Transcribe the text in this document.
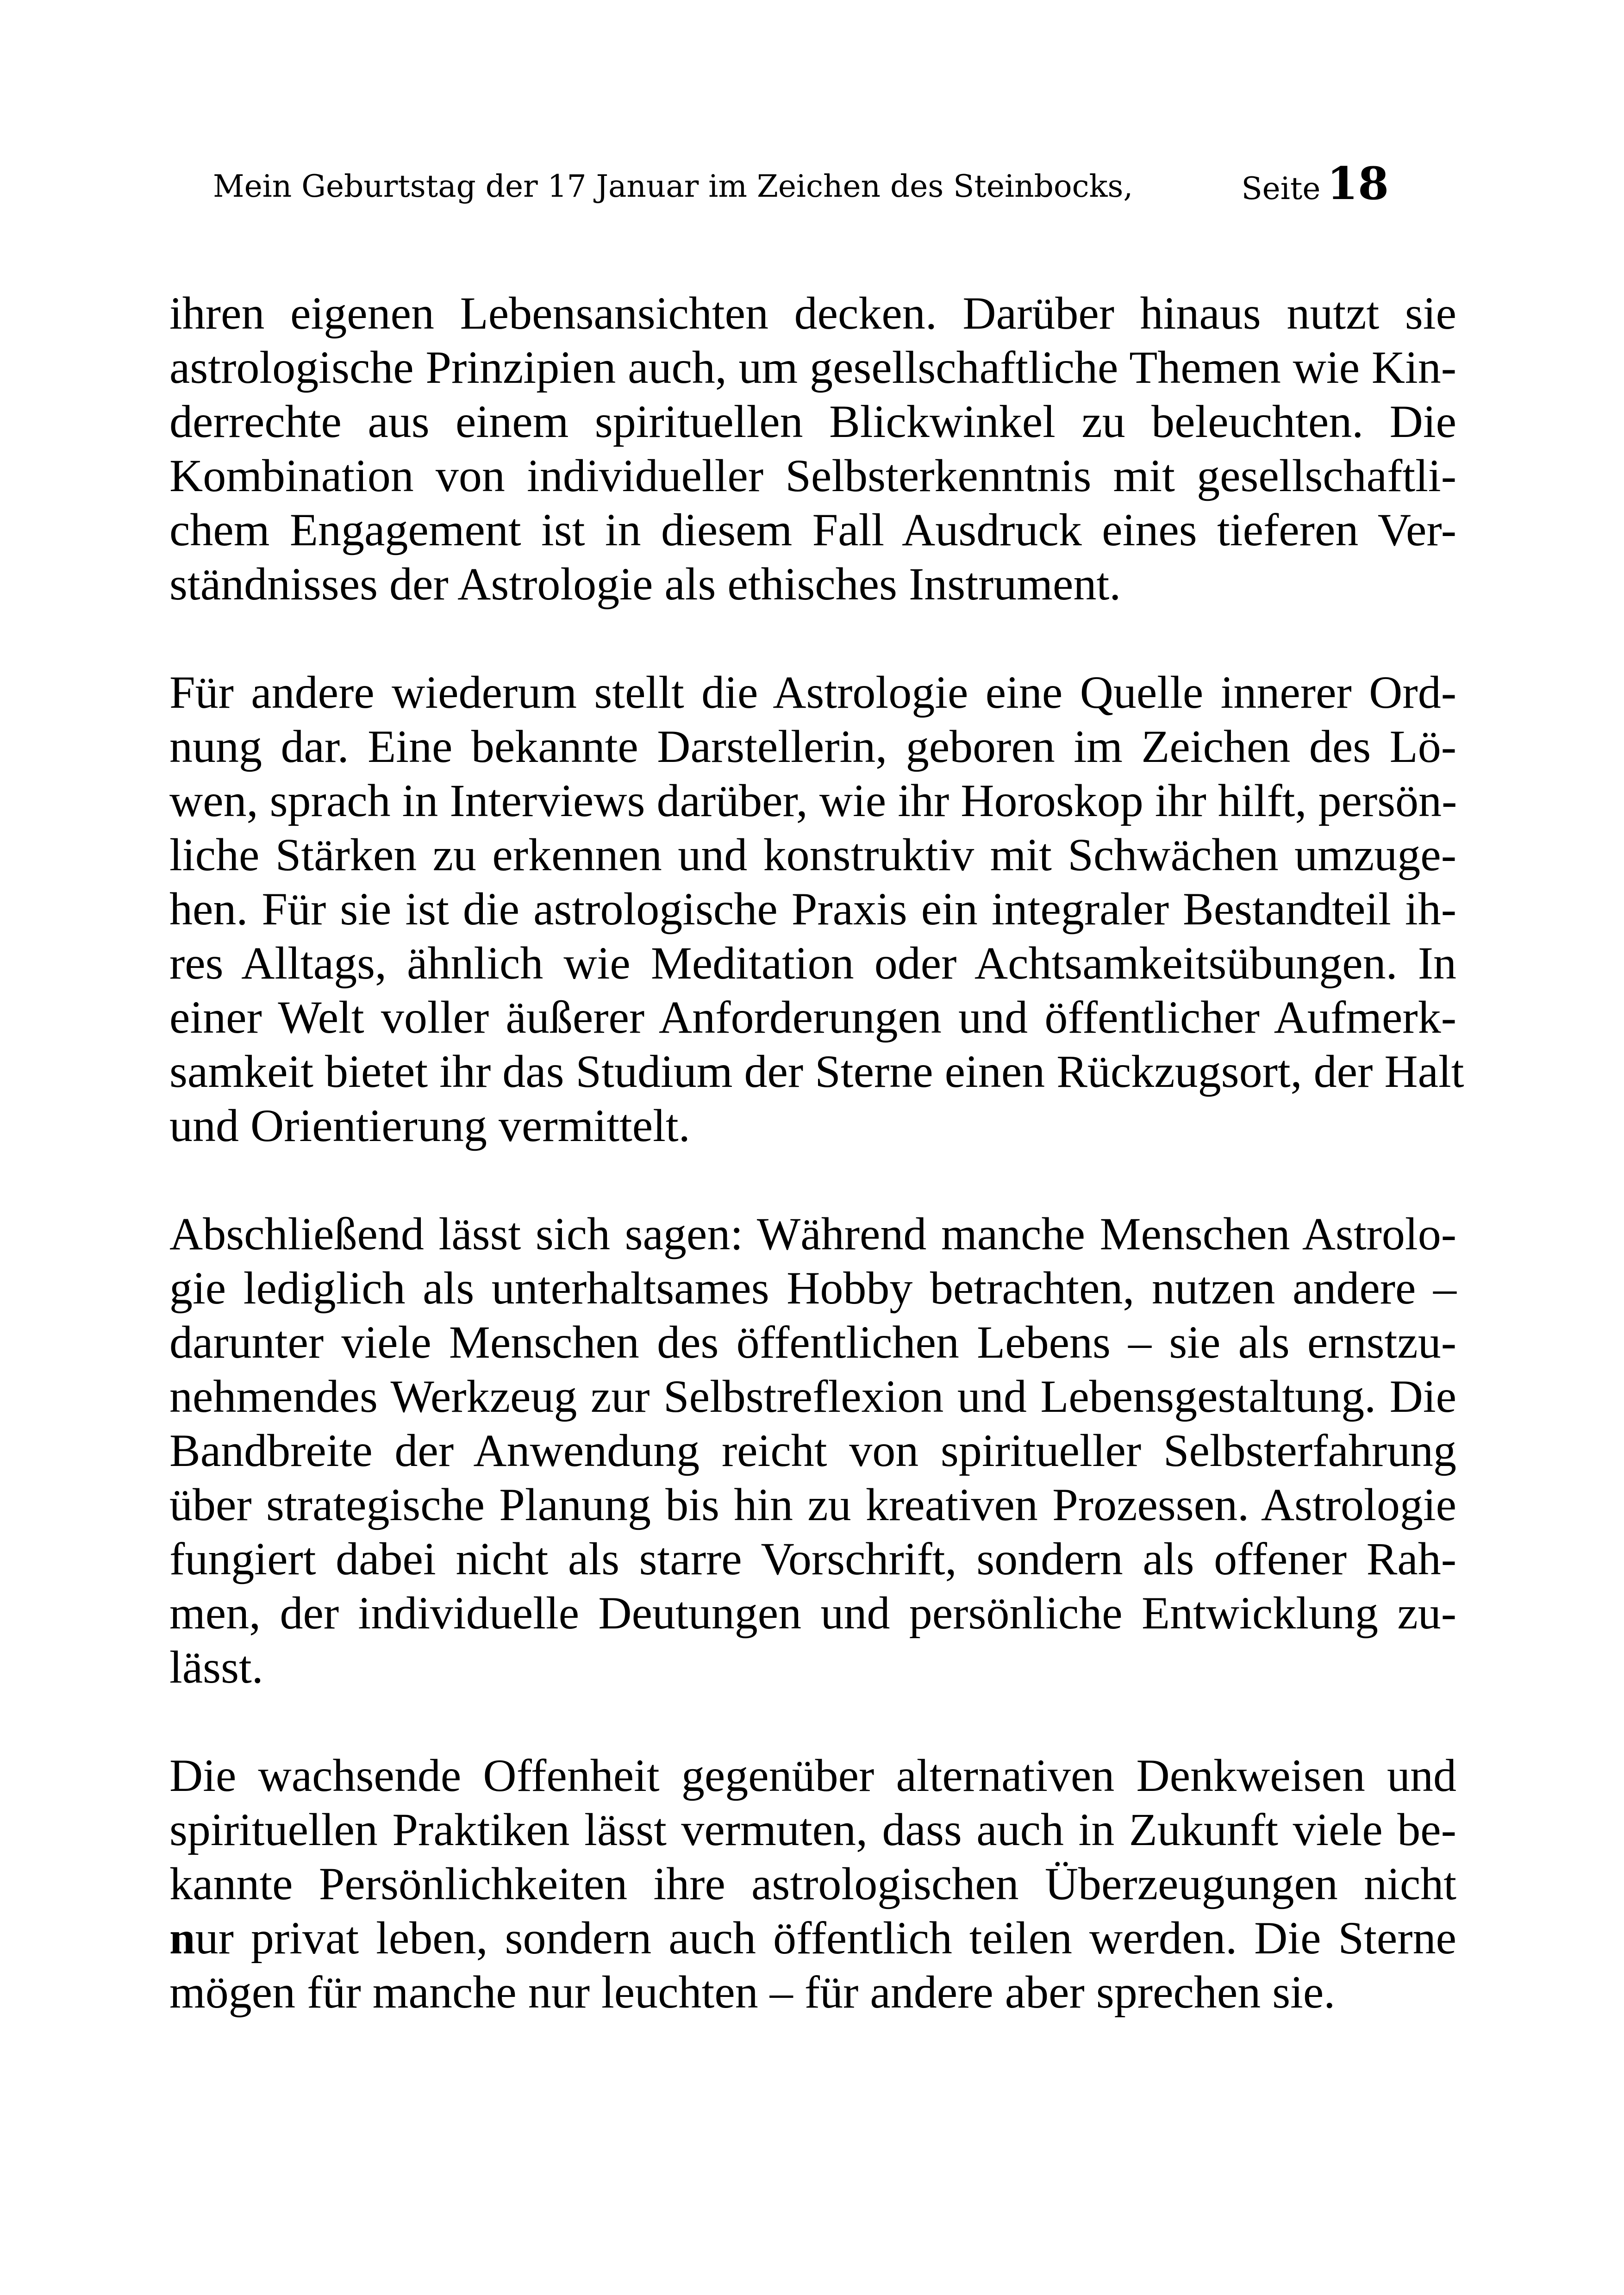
Mein Geburtstag der 17 Januar im Zeichen des Steinbocks,	Seite 18

ihren eigenen Lebensansichten decken. Darüber hinaus nutzt sie
astrologische Prinzipien auch, um gesellschaftliche Themen wie Kin-
derrechte aus einem spirituellen Blickwinkel zu beleuchten. Die
Kombination von individueller Selbsterkenntnis mit gesellschaftli-
chem Engagement ist in diesem Fall Ausdruck eines tieferen Ver-
ständnisses der Astrologie als ethisches Instrument.

Für andere wiederum stellt die Astrologie eine Quelle innerer Ord-
nung dar. Eine bekannte Darstellerin, geboren im Zeichen des Lö-
wen, sprach in Interviews darüber, wie ihr Horoskop ihr hilft, persön-
liche Stärken zu erkennen und konstruktiv mit Schwächen umzuge-
hen. Für sie ist die astrologische Praxis ein integraler Bestandteil ih-
res Alltags, ähnlich wie Meditation oder Achtsamkeitsübungen. In
einer Welt voller äußerer Anforderungen und öffentlicher Aufmerk-
samkeit bietet ihr das Studium der Sterne einen Rückzugsort, der Halt
und Orientierung vermittelt.

Abschließend lässt sich sagen: Während manche Menschen Astrolo-
gie lediglich als unterhaltsames Hobby betrachten, nutzen andere –
darunter viele Menschen des öffentlichen Lebens – sie als ernstzu-
nehmendes Werkzeug zur Selbstreflexion und Lebensgestaltung. Die
Bandbreite der Anwendung reicht von spiritueller Selbsterfahrung
über strategische Planung bis hin zu kreativen Prozessen. Astrologie
fungiert dabei nicht als starre Vorschrift, sondern als offener Rah-
men, der individuelle Deutungen und persönliche Entwicklung zu-
lässt.

Die wachsende Offenheit gegenüber alternativen Denkweisen und
spirituellen Praktiken lässt vermuten, dass auch in Zukunft viele be-
kannte Persönlichkeiten ihre astrologischen Überzeugungen nicht
nur privat leben, sondern auch öffentlich teilen werden. Die Sterne
mögen für manche nur leuchten – für andere aber sprechen sie.
